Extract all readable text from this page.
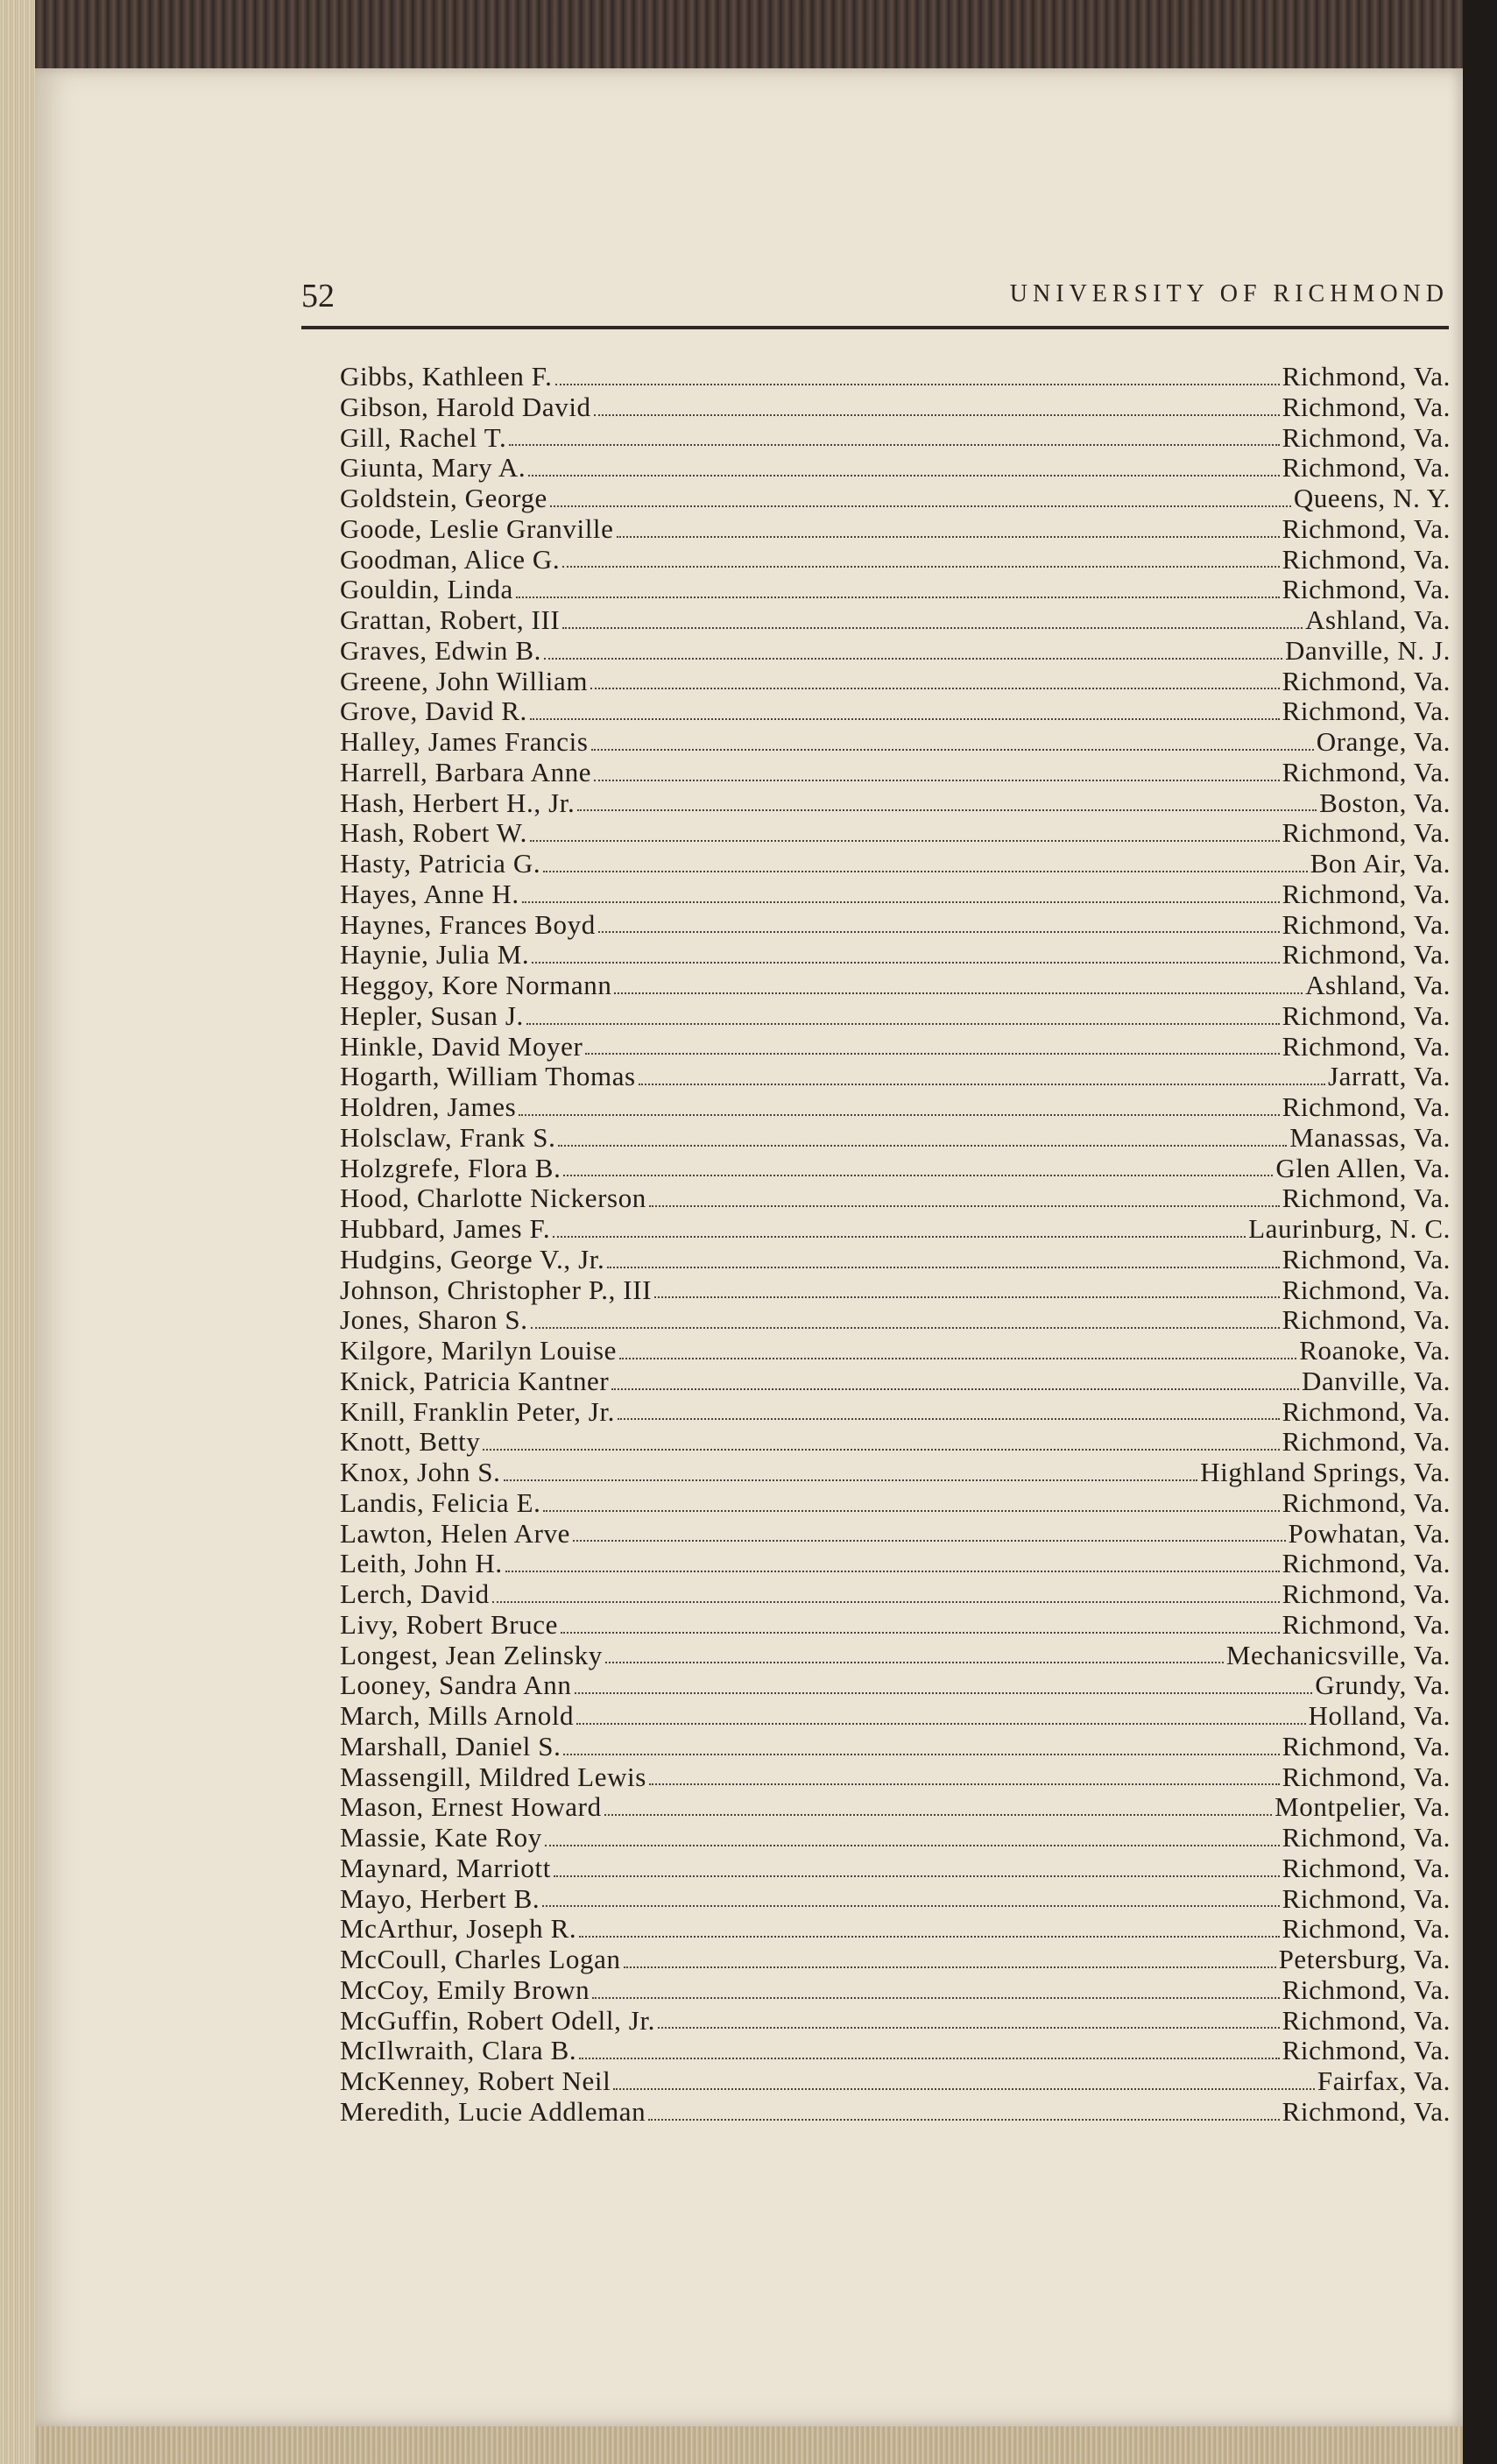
52	UNIVERSITY OF RICHMOND
Gibbs, Kathleen F.	Richmond, Va.
Gibson, Harold David	Richmond, Va.
Gill, Rachel T.	Richmond, Va.
Giunta, Mary A.	Richmond, Va.
Goldstein, George	Queens, N. Y.
Goode, Leslie Granville	Richmond, Va.
Goodman, Alice G.	Richmond, Va.
Gouldin, Linda	Richmond, Va.
Grattan, Robert, III	Ashland, Va.
Graves, Edwin B.	Danville, N. J.
Greene, John William	Richmond, Va.
Grove, David R.	Richmond, Va.
Halley, James Francis	Orange, Va.
Harrell, Barbara Anne	Richmond, Va.
Hash, Herbert H., Jr.	Boston, Va.
Hash, Robert W.	Richmond, Va.
Hasty, Patricia G.	Bon Air, Va.
Hayes, Anne H.	Richmond, Va.
Haynes, Frances Boyd	Richmond, Va.
Haynie, Julia M.	Richmond, Va.
Heggoy, Kore Normann	Ashland, Va.
Hepler, Susan J.	Richmond, Va.
Hinkle, David Moyer	Richmond, Va.
Hogarth, William Thomas	Jarratt, Va.
Holdren, James	Richmond, Va.
Holsclaw, Frank S.	Manassas, Va.
Holzgrefe, Flora B.	Glen Allen, Va.
Hood, Charlotte Nickerson	Richmond, Va.
Hubbard, James F.	Laurinburg, N. C.
Hudgins, George V., Jr.	Richmond, Va.
Johnson, Christopher P., III	Richmond, Va.
Jones, Sharon S.	Richmond, Va.
Kilgore, Marilyn Louise	Roanoke, Va.
Knick, Patricia Kantner	Danville, Va.
Knill, Franklin Peter, Jr.	Richmond, Va.
Knott, Betty	Richmond, Va.
Knox, John S.	Highland Springs, Va.
Landis, Felicia E.	Richmond, Va.
Lawton, Helen Arve	Powhatan, Va.
Leith, John H.	Richmond, Va.
Lerch, David	Richmond, Va.
Livy, Robert Bruce	Richmond, Va.
Longest, Jean Zelinsky	Mechanicsville, Va.
Looney, Sandra Ann	Grundy, Va.
March, Mills Arnold	Holland, Va.
Marshall, Daniel S.	Richmond, Va.
Massengill, Mildred Lewis	Richmond, Va.
Mason, Ernest Howard	Montpelier, Va.
Massie, Kate Roy	Richmond, Va.
Maynard, Marriott	Richmond, Va.
Mayo, Herbert B.	Richmond, Va.
McArthur, Joseph R.	Richmond, Va.
McCoull, Charles Logan	Petersburg, Va.
McCoy, Emily Brown	Richmond, Va.
McGuffin, Robert Odell, Jr.	Richmond, Va.
McIlwraith, Clara B.	Richmond, Va.
McKenney, Robert Neil	Fairfax, Va.
Meredith, Lucie Addleman	Richmond, Va.
